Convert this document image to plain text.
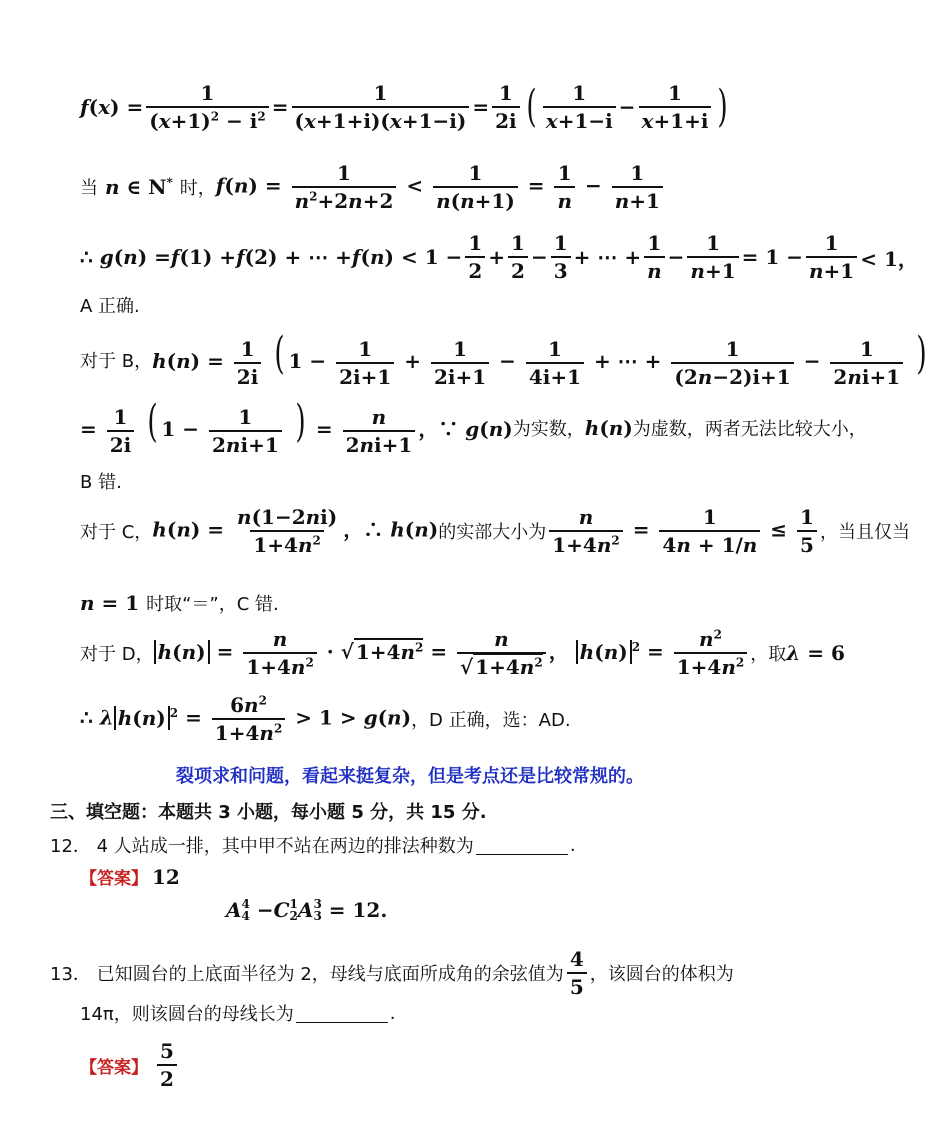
f ( x ) = $\frac{1}{(x+1)^2 - i^2} = \frac{1}{(x+1+i)(x+1-i)} = \frac{1}{2i}$ ( $\frac{1}{x+1-i} - \frac{1}{x+1+i}$ )
当 n ∈ N* 时， $f(n) = \frac{1}{n^2+2n+2} < \frac{1}{n(n+1)} = \frac{1}{n} - \frac{1}{n+1}$
∴ g ( n ) = f (1) + f (2) + ⋯ + f ( n ) < $1 - \frac{1}{2} + \frac{1}{2} - \frac{1}{3}$ + ⋯ + $\frac{1}{n} - \frac{1}{n+1} = 1 - \frac{1}{n+1} < 1$，
A 正确.
对于 B， $h(n) = \frac{1}{2i}$ ( $1 - \frac{1}{2i+1} + \frac{1}{2i+1} - \frac{1}{4i+1}$ + ⋯ + $\frac{1}{(2n-2)i+1} - \frac{1}{2ni+1}$ )
= $\frac{1}{2i}$ ( $1 - \frac{1}{2ni+1}$ ) = $\frac{n}{2ni+1}$ ，∵ g(n) 为实数， h(n) 为虚数，两者无法比较大小，
B 错.
对于 C， $h(n) = \frac{n(1-2ni)}{1+4n^2}$ ，∴ h(n) 的实部大小为 $\frac{n}{1+4n^2} = \frac{1}{4n + 1/n} \le \frac{1}{5}$ ，当且仅当
n = 1 时取“＝”，C 错.
对于 D， $h(n) = \frac{n}{1+4n^2}$ · √ $1+4n^2 = \frac{n}{√ 1+4n^2}$ ， h(n) $^2 = \frac{n^2}{1+4n^2}$ ，取 λ = 6
∴ λ h(n) $^2 = \frac{6n^2}{1+4n^2} > 1 > g(n)$ ，D 正确，选：AD.
裂项求和问题，看起来挺复杂，但是考点还是比较常规的。
三、填空题：本题共 3 小题，每小题 5 分，共 15 分.
12． 4 人站成一排，其中甲不站在两边的排法种数为	.
【答案】 12
A 4
4 − C 1
2 A 3
3
= 12.
13． 已知圆台的上底面半径为 2，母线与底面所成角的余弦值为 $\frac{4}{5}$ ，该圆台的体积为
14π，则该圆台的母线长为	.
【答案】 $\frac{5}{2}$
